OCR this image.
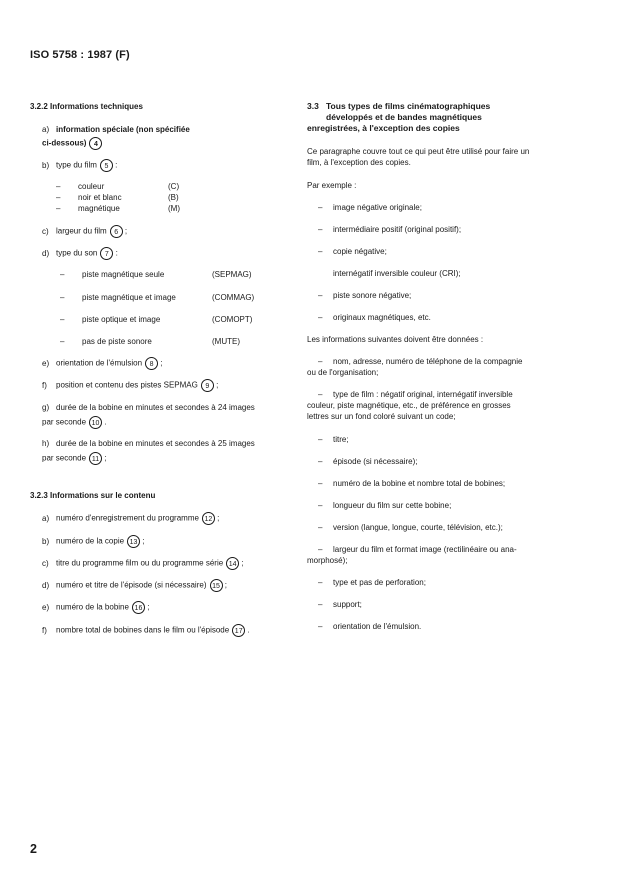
ISO 5758 : 1987 (F)
3.2.2 Informations techniques
a) information spéciale (non spécifiée
ci-dessous) 4
b) type du film 5 :
– couleur	(C)
– noir et blanc	(B)
– magnétique	(M)
c) largeur du film 6 ;
d) type du son 7 :
– piste magnétique seule	(SEPMAG)
– piste magnétique et image	(COMMAG)
– piste optique et image	(COMOPT)
– pas de piste sonore	(MUTE)
e) orientation de l'émulsion 8 ;
f) position et contenu des pistes SEPMAG 9 ;
g) durée de la bobine en minutes et secondes à 24 images
par seconde 10 .
h) durée de la bobine en minutes et secondes à 25 images
par seconde 11 ;
3.2.3 Informations sur le contenu
a) numéro d'enregistrement du programme 12 ;
b) numéro de la copie 13 ;
c) titre du programme film ou du programme série 14 ;
d) numéro et titre de l'épisode (si nécessaire) 15 ;
e) numéro de la bobine 16 ;
f) nombre total de bobines dans le film ou l'épisode 17 .
3.3 Tous types de films cinématographiques
développés et de bandes magnétiques
enregistrées, à l'exception des copies
Ce paragraphe couvre tout ce qui peut être utilisé pour faire un
film, à l'exception des copies.
Par exemple :
– image négative originale;
– intermédiaire positif (original positif);
– copie négative;
internégatif inversible couleur (CRI);
– piste sonore négative;
– originaux magnétiques, etc.
Les informations suivantes doivent être données :
– nom, adresse, numéro de téléphone de la compagnie
ou de l'organisation;
– type de film : négatif original, internégatif inversible
couleur, piste magnétique, etc., de préférence en grosses
lettres sur un fond coloré suivant un code;
– titre;
– épisode (si nécessaire);
– numéro de la bobine et nombre total de bobines;
– longueur du film sur cette bobine;
– version (langue, longue, courte, télévision, etc.);
– largeur du film et format image (rectilinéaire ou ana-
morphosé);
– type et pas de perforation;
– support;
– orientation de l'émulsion.
2
